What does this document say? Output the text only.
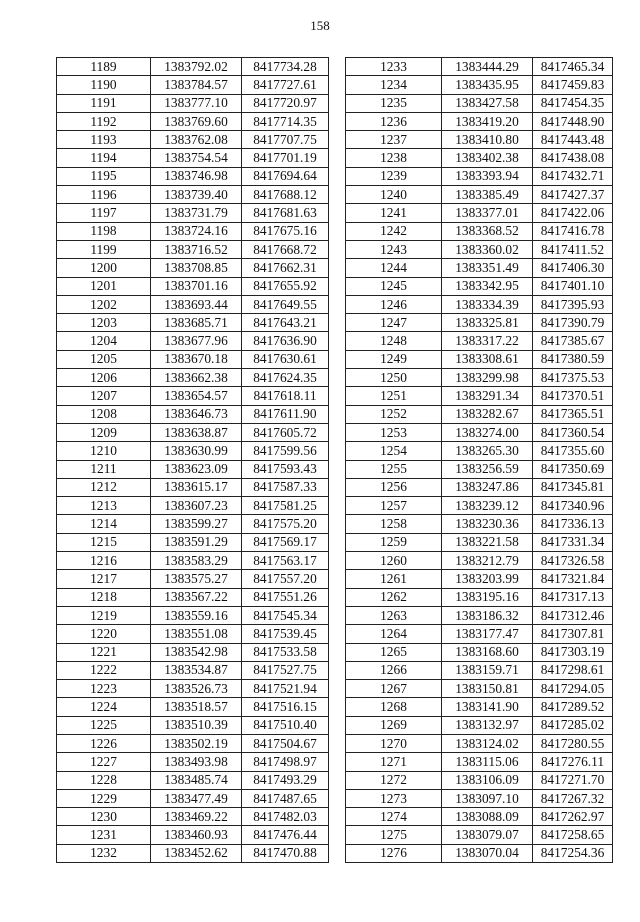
158
1189	1383792.02	8417734.28
1190	1383784.57	8417727.61
1191	1383777.10	8417720.97
1192	1383769.60	8417714.35
1193	1383762.08	8417707.75
1194	1383754.54	8417701.19
1195	1383746.98	8417694.64
1196	1383739.40	8417688.12
1197	1383731.79	8417681.63
1198	1383724.16	8417675.16
1199	1383716.52	8417668.72
1200	1383708.85	8417662.31
1201	1383701.16	8417655.92
1202	1383693.44	8417649.55
1203	1383685.71	8417643.21
1204	1383677.96	8417636.90
1205	1383670.18	8417630.61
1206	1383662.38	8417624.35
1207	1383654.57	8417618.11
1208	1383646.73	8417611.90
1209	1383638.87	8417605.72
1210	1383630.99	8417599.56
1211	1383623.09	8417593.43
1212	1383615.17	8417587.33
1213	1383607.23	8417581.25
1214	1383599.27	8417575.20
1215	1383591.29	8417569.17
1216	1383583.29	8417563.17
1217	1383575.27	8417557.20
1218	1383567.22	8417551.26
1219	1383559.16	8417545.34
1220	1383551.08	8417539.45
1221	1383542.98	8417533.58
1222	1383534.87	8417527.75
1223	1383526.73	8417521.94
1224	1383518.57	8417516.15
1225	1383510.39	8417510.40
1226	1383502.19	8417504.67
1227	1383493.98	8417498.97
1228	1383485.74	8417493.29
1229	1383477.49	8417487.65
1230	1383469.22	8417482.03
1231	1383460.93	8417476.44
1232	1383452.62	8417470.88
1233	1383444.29	8417465.34
1234	1383435.95	8417459.83
1235	1383427.58	8417454.35
1236	1383419.20	8417448.90
1237	1383410.80	8417443.48
1238	1383402.38	8417438.08
1239	1383393.94	8417432.71
1240	1383385.49	8417427.37
1241	1383377.01	8417422.06
1242	1383368.52	8417416.78
1243	1383360.02	8417411.52
1244	1383351.49	8417406.30
1245	1383342.95	8417401.10
1246	1383334.39	8417395.93
1247	1383325.81	8417390.79
1248	1383317.22	8417385.67
1249	1383308.61	8417380.59
1250	1383299.98	8417375.53
1251	1383291.34	8417370.51
1252	1383282.67	8417365.51
1253	1383274.00	8417360.54
1254	1383265.30	8417355.60
1255	1383256.59	8417350.69
1256	1383247.86	8417345.81
1257	1383239.12	8417340.96
1258	1383230.36	8417336.13
1259	1383221.58	8417331.34
1260	1383212.79	8417326.58
1261	1383203.99	8417321.84
1262	1383195.16	8417317.13
1263	1383186.32	8417312.46
1264	1383177.47	8417307.81
1265	1383168.60	8417303.19
1266	1383159.71	8417298.61
1267	1383150.81	8417294.05
1268	1383141.90	8417289.52
1269	1383132.97	8417285.02
1270	1383124.02	8417280.55
1271	1383115.06	8417276.11
1272	1383106.09	8417271.70
1273	1383097.10	8417267.32
1274	1383088.09	8417262.97
1275	1383079.07	8417258.65
1276	1383070.04	8417254.36
